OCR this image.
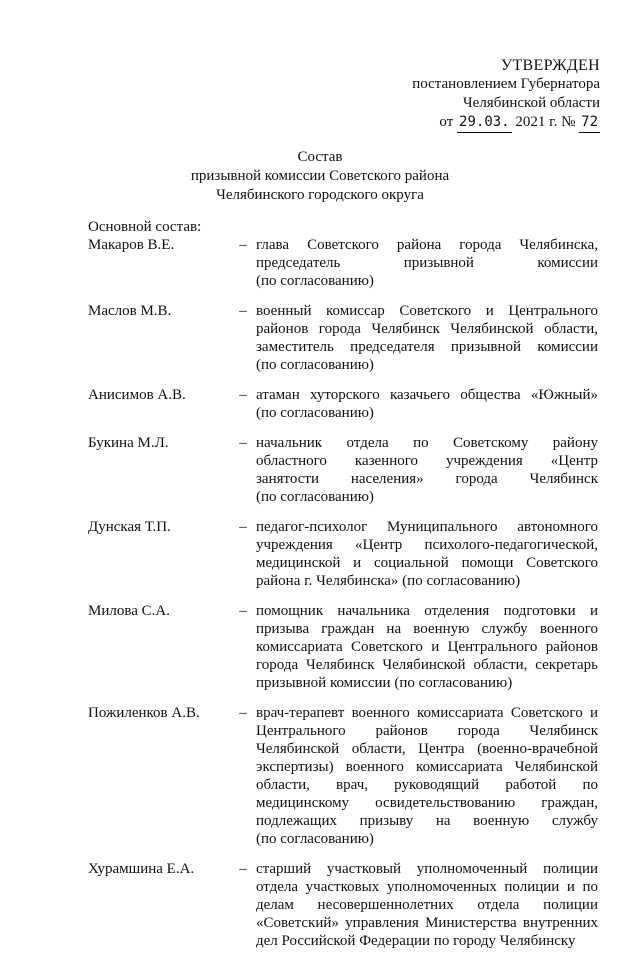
УТВЕРЖДЕН
постановлением Губернатора
Челябинской области
от 29.03. 2021 г. № 72
Состав
призывной комиссии Советского района
Челябинского городского округа
Основной состав:
Макаров В.Е.	– глава Советского района города Челябинска,
председатель призывной комиссии
(по согласованию)
Маслов М.В.	– военный комисcар Советского и Центрального
районов города Челябинск Челябинской области,
заместитель председателя призывной комиссии
(по согласованию)
Анисимов А.В.	– атаман хуторского казачьего общества «Южный»
(по согласованию)
Букина М.Л.	– начальник отдела по Советскому району
областного казенного учреждения «Центр
занятости населения» города Челябинск
(по согласованию)
Дунская Т.П.	– педагог-психолог Муниципального автономного
учреждения «Центр психолого-педагогической,
медицинской и социальной помощи Советского
района г. Челябинска» (по согласованию)
Милова С.А.	– помощник начальника отделения подготовки и
призыва граждан на военную службу военного
комиссариата Советского и Центрального районов
города Челябинск Челябинской области, секретарь
призывной комиссии (по согласованию)
Пожиленков А.В.	– врач-терапевт военного комиссариата Советского и
Центрального районов города Челябинск
Челябинской области, Центра (военно-врачебной
экспертизы) военного комиссариата Челябинской
области, врач, руководящий работой по
медицинскому освидетельствованию граждан,
подлежащих призыву на военную службу
(по согласованию)
Хурамшина Е.А.	– старший участковый уполномоченный полиции
отдела участковых уполномоченных полиции и по
делам несовершеннолетних отдела полиции
«Советский» управления Министерства внутренних
дел Российской Федерации по городу Челябинску
